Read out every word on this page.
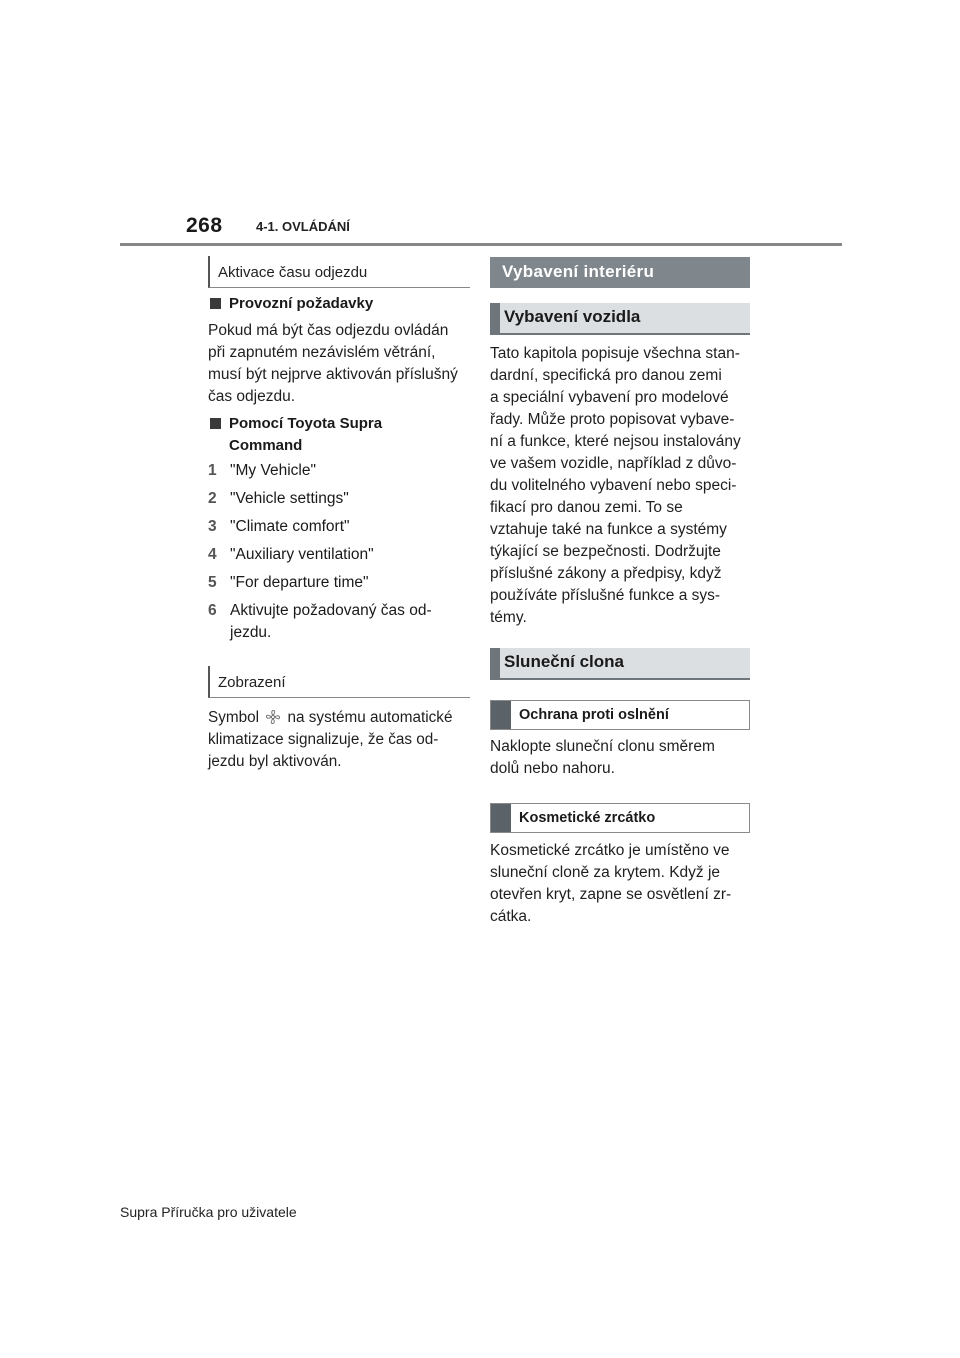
268	4-1. OVLÁDÁNÍ
Aktivace času odjezdu
Provozní požadavky
Pokud má být čas odjezdu ovládán
při zapnutém nezávislém větrání,
musí být nejprve aktivován příslušný
čas odjezdu.
Pomocí Toyota Supra
Command
1 "My Vehicle"
2 "Vehicle settings"
3 "Climate comfort"
4 "Auxiliary ventilation"
5 "For departure time"
6 Aktivujte požadovaný čas od-
jezdu.
Zobrazení
Symbol na systému automatické
klimatizace signalizuje, že čas od-
jezdu byl aktivován.
Vybavení interiéru
Vybavení vozidla
Tato kapitola popisuje všechna stan-
dardní, specifická pro danou zemi
a speciální vybavení pro modelové
řady. Může proto popisovat vybave-
ní a funkce, které nejsou instalovány
ve vašem vozidle, například z důvo-
du volitelného vybavení nebo speci-
fikací pro danou zemi. To se
vztahuje také na funkce a systémy
týkající se bezpečnosti. Dodržujte
příslušné zákony a předpisy, když
používáte příslušné funkce a sys-
témy.
Sluneční clona
Ochrana proti oslnění
Naklopte sluneční clonu směrem
dolů nebo nahoru.
Kosmetické zrcátko
Kosmetické zrcátko je umístěno ve
sluneční cloně za krytem. Když je
otevřen kryt, zapne se osvětlení zr-
cátka.
Supra Příručka pro uživatele
